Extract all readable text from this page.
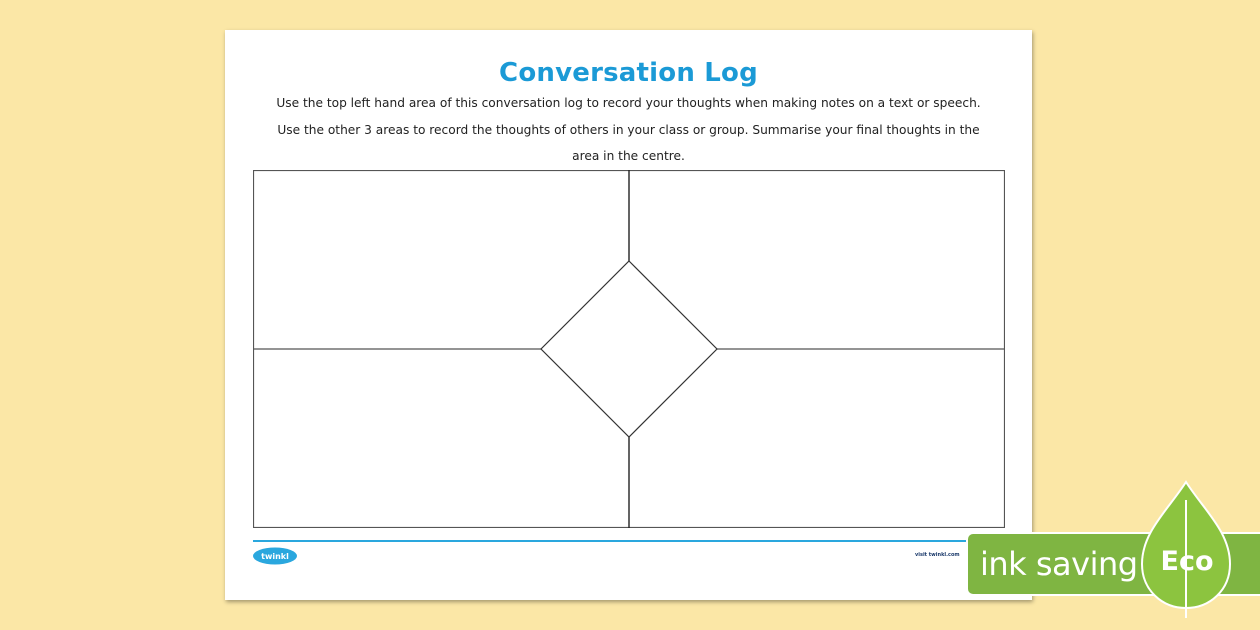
Conversation Log
Use the top left hand area of this conversation log to record your thoughts when making notes on a text or speech. Use the other 3 areas to record the thoughts of others in your class or group. Summarise your final thoughts in the area in the centre.
twinkl	visit twinkl.com ink saving Eco
